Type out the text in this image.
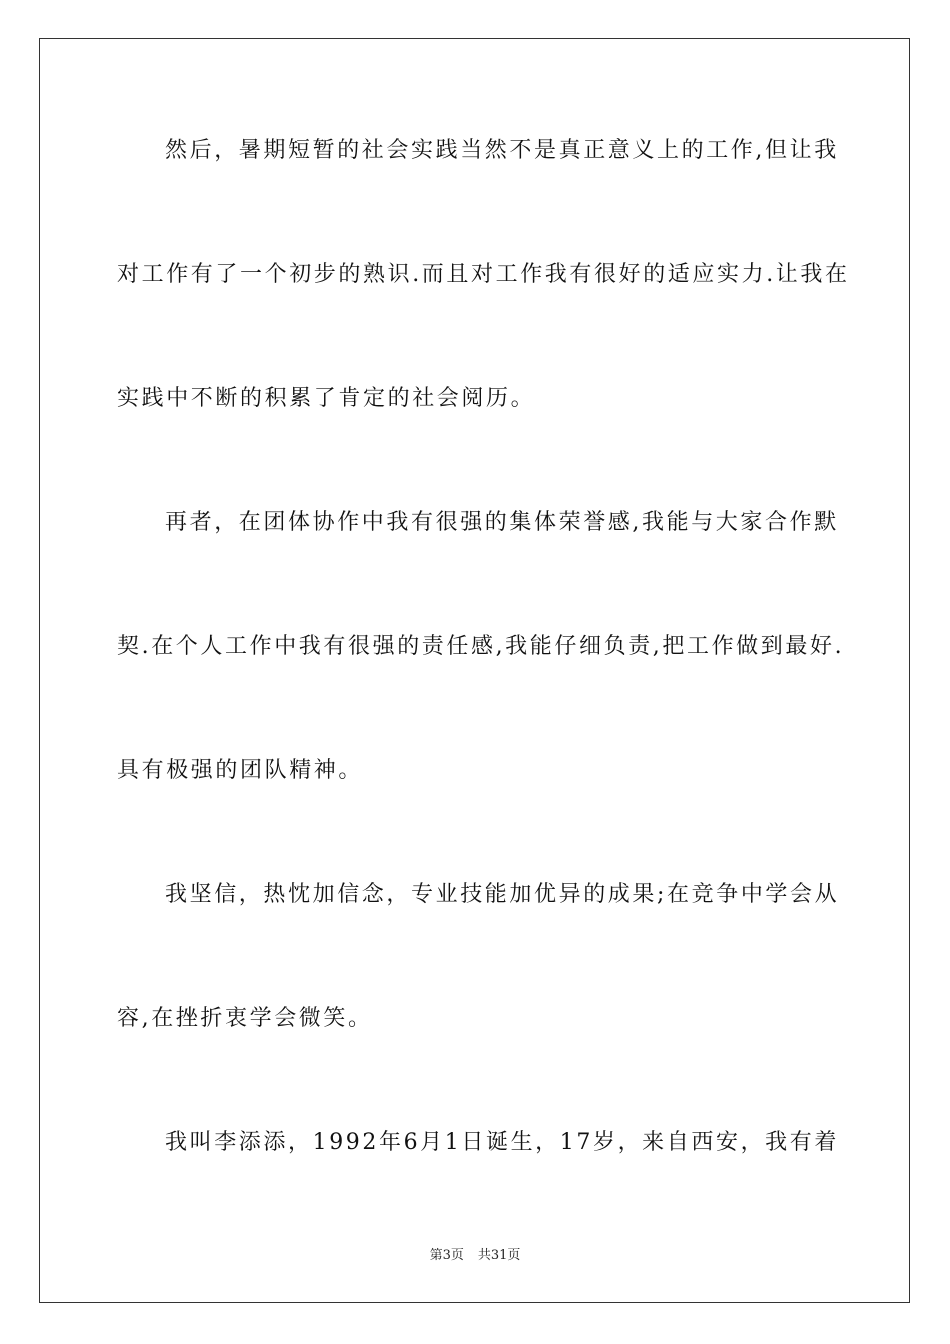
然后，暑期短暂的社会实践当然不是真正意义上的工作,但让我
对工作有了一个初步的熟识.而且对工作我有很好的适应实力.让我在
实践中不断的积累了肯定的社会阅历。
再者，在团体协作中我有很强的集体荣誉感,我能与大家合作默
契.在个人工作中我有很强的责任感,我能仔细负责,把工作做到最好.
具有极强的团队精神。
我坚信，热忱加信念，专业技能加优异的成果;在竞争中学会从
容,在挫折衷学会微笑。
我叫李添添，1992年6月1日诞生，17岁，来自西安，我有着
第3页 共31页
